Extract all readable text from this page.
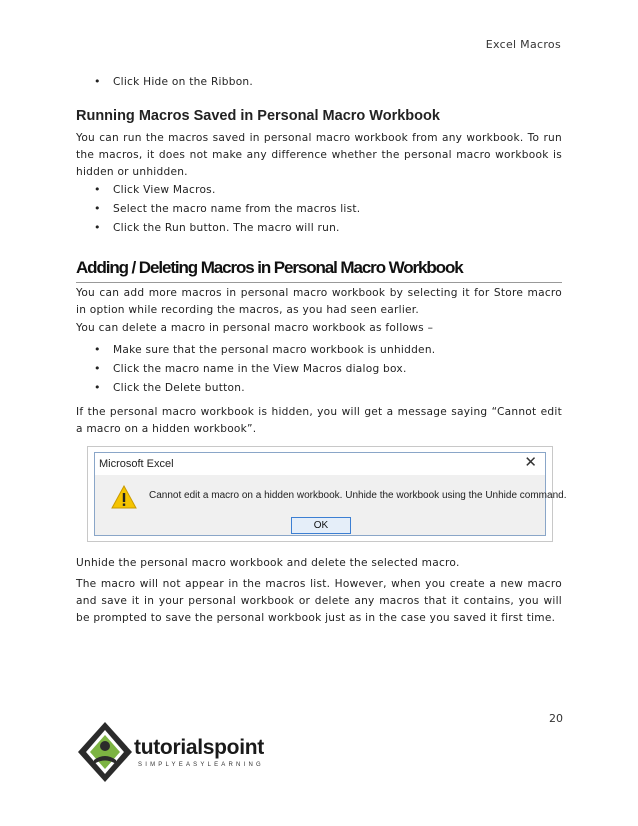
Excel Macros
• Click Hide on the Ribbon.
Running Macros Saved in Personal Macro Workbook
You can run the macros saved in personal macro workbook from any workbook. To run the macros, it does not make any difference whether the personal macro workbook is hidden or unhidden.
• Click View Macros.
• Select the macro name from the macros list.
• Click the Run button. The macro will run.
Adding / Deleting Macros in Personal Macro Workbook
You can add more macros in personal macro workbook by selecting it for Store macro in option while recording the macros, as you had seen earlier.
You can delete a macro in personal macro workbook as follows –
• Make sure that the personal macro workbook is unhidden.
• Click the macro name in the View Macros dialog box.
• Click the Delete button.
If the personal macro workbook is hidden, you will get a message saying “Cannot edit a macro on a hidden workbook”.
Microsoft Excel	✕
Cannot edit a macro on a hidden workbook. Unhide the workbook using the Unhide command.
OK
Unhide the personal macro workbook and delete the selected macro.
The macro will not appear in the macros list. However, when you create a new macro and save it in your personal workbook or delete any macros that it contains, you will be prompted to save the personal workbook just as in the case you saved it first time.
20
tutorialspoint
SIMPLYEASYLEARNING
